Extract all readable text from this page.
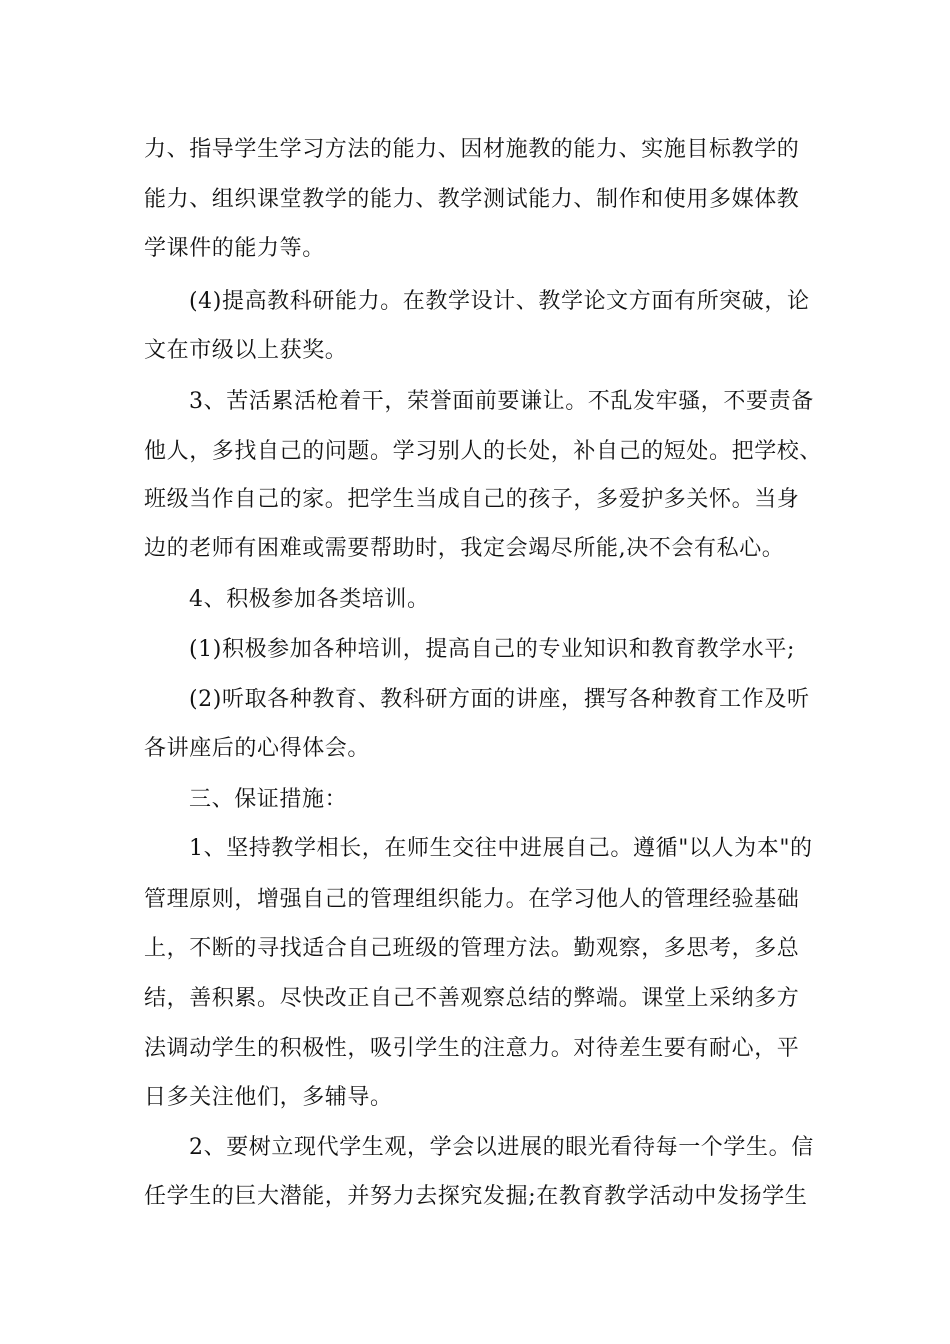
力、指导学生学习方法的能力、因材施教的能力、实施目标教学的
能力、组织课堂教学的能力、教学测试能力、制作和使用多媒体教
学课件的能力等。
(4)提高教科研能力。在教学设计、教学论文方面有所突破，论
文在市级以上获奖。
3、苦活累活枪着干，荣誉面前要谦让。不乱发牢骚，不要责备
他人，多找自己的问题。学习别人的长处，补自己的短处。把学校、
班级当作自己的家。把学生当成自己的孩子，多爱护多关怀。当身
边的老师有困难或需要帮助时，我定会竭尽所能,决不会有私心。
4、积极参加各类培训。
(1)积极参加各种培训，提高自己的专业知识和教育教学水平;
(2)听取各种教育、教科研方面的讲座，撰写各种教育工作及听
各讲座后的心得体会。
三、保证措施：
1、坚持教学相长，在师生交往中进展自己。遵循"以人为本"的
管理原则，增强自己的管理组织能力。在学习他人的管理经验基础
上，不断的寻找适合自己班级的管理方法。勤观察，多思考，多总
结，善积累。尽快改正自己不善观察总结的弊端。课堂上采纳多方
法调动学生的积极性，吸引学生的注意力。对待差生要有耐心，平
日多关注他们，多辅导。
2、要树立现代学生观，学会以进展的眼光看待每一个学生。信
任学生的巨大潜能，并努力去探究发掘;在教育教学活动中发扬学生
